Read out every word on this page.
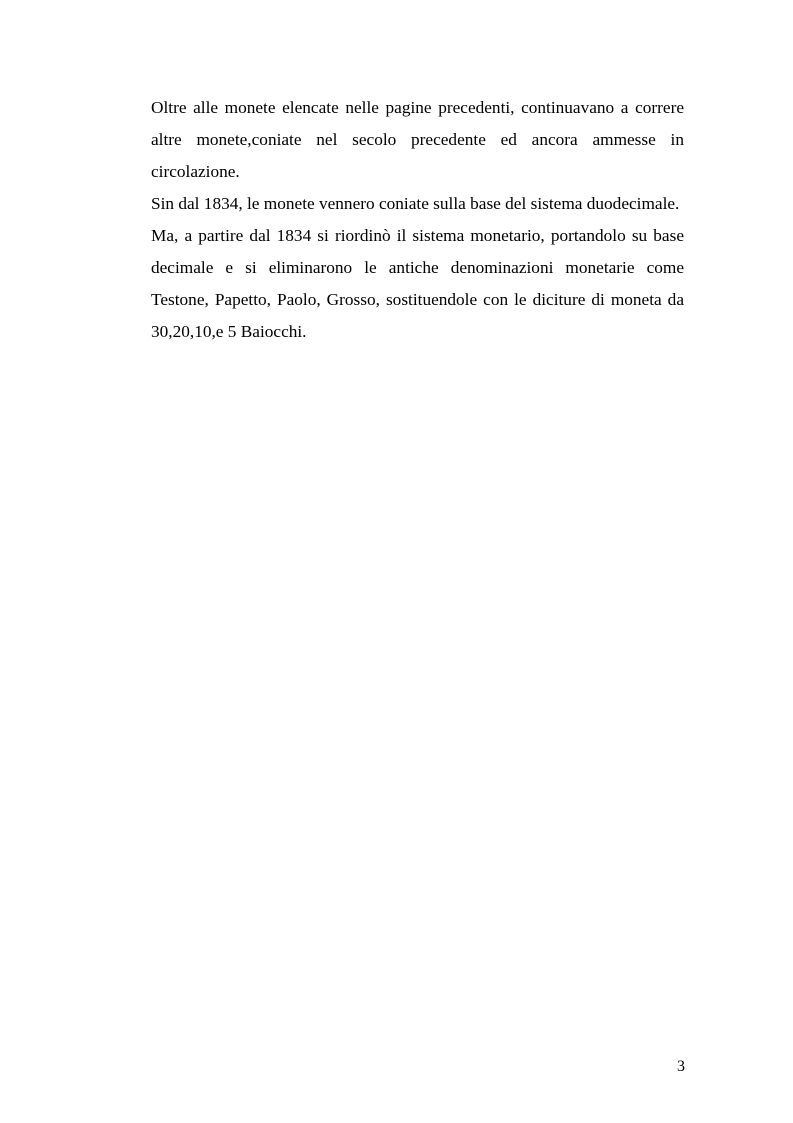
Oltre alle monete elencate nelle pagine precedenti, continuavano a correre altre monete,coniate nel secolo precedente ed ancora ammesse in circolazione.

Sin dal 1834, le monete vennero coniate sulla base del sistema duodecimale.

Ma, a partire dal 1834 si riordinò il sistema monetario, portandolo su base decimale e si eliminarono le antiche denominazioni monetarie come Testone, Papetto, Paolo, Grosso, sostituendole con le diciture di moneta da 30,20,10,e 5 Baiocchi.

3
